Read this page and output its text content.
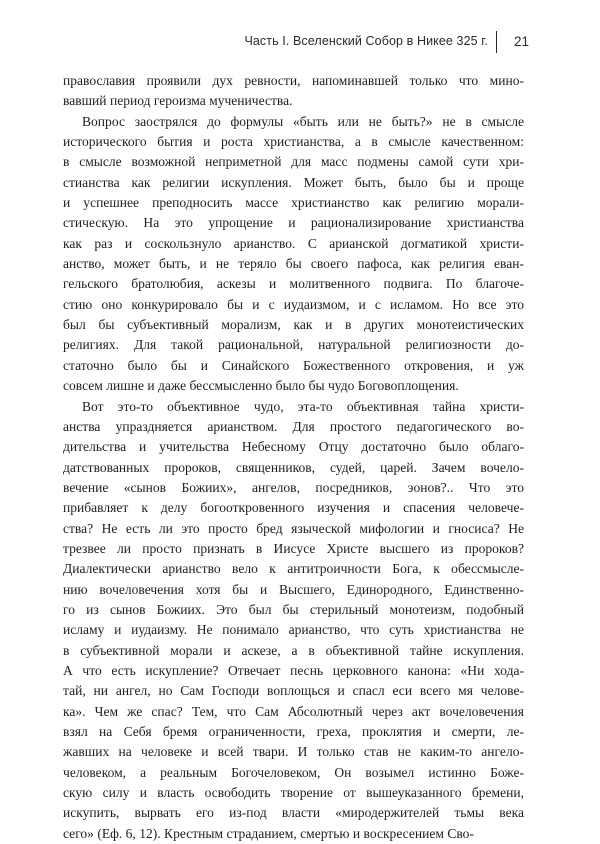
Часть I. Вселенский Собор в Никее 325 г. 21
православия проявили дух ревности, напоминавшей только что мино-
вавший период героизма мученичества.
Вопрос заострялся до формулы «быть или не быть?» не в смысле
исторического бытия и роста христианства, а в смысле качественном:
в смысле возможной неприметной для масс подмены самой сути хри-
стианства как религии искупления. Может быть, было бы и проще
и успешнее преподносить массе христианство как религию морали-
стическую. На это упрощение и рационализирование христианства
как раз и соскользнуло арианство. С арианской догматикой христи-
анство, может быть, и не теряло бы своего пафоса, как религия еван-
гельского братолюбия, аскезы и молитвенного подвига. По благоче-
стию оно конкурировало бы и с иудаизмом, и с исламом. Но все это
был бы субъективный морализм, как и в других монотеистических
религиях. Для такой рациональной, натуральной религиозности до-
статочно было бы и Синайского Божественного откровения, и уж
совсем лишне и даже бессмысленно было бы чудо Боговоплощения.
Вот это-то объективное чудо, эта-то объективная тайна христи-
анства упраздняется арианством. Для простого педагогического во-
дительства и учительства Небесному Отцу достаточно было облаго-
датствованных пророков, священников, судей, царей. Зачем вочело-
вечение «сынов Божиих», ангелов, посредников, эонов?.. Что это
прибавляет к делу богооткровенного изучения и спасения человече-
ства? Не есть ли это просто бред языческой мифологии и гносиса? Не
трезвее ли просто признать в Иисусе Христе высшего из пророков?
Диалектически арианство вело к антитроичности Бога, к обессмысле-
нию вочеловечения хотя бы и Высшего, Единородного, Единственно-
го из сынов Божиих. Это был бы стерильный монотеизм, подобный
исламу и иудаизму. Не понимало арианство, что суть христианства не
в субъективной морали и аскезе, а в объективной тайне искупления.
А что есть искупление? Отвечает песнь церковного канона: «Ни хода-
тай, ни ангел, но Сам Господи воплощься и спасл еси всего мя челове-
ка». Чем же спас? Тем, что Сам Абсолютный через акт вочеловечения
взял на Себя бремя ограниченности, греха, проклятия и смерти, ле-
жавших на человеке и всей твари. И только став не каким-то ангело-
человеком, а реальным Богочеловеком, Он возымел истинно Боже-
скую силу и власть освободить творение от вышеуказанного бремени,
искупить, вырвать его из-под власти «миродержителей тьмы века
сего» (Еф. 6, 12). Крестным страданием, смертью и воскресением Сво-
